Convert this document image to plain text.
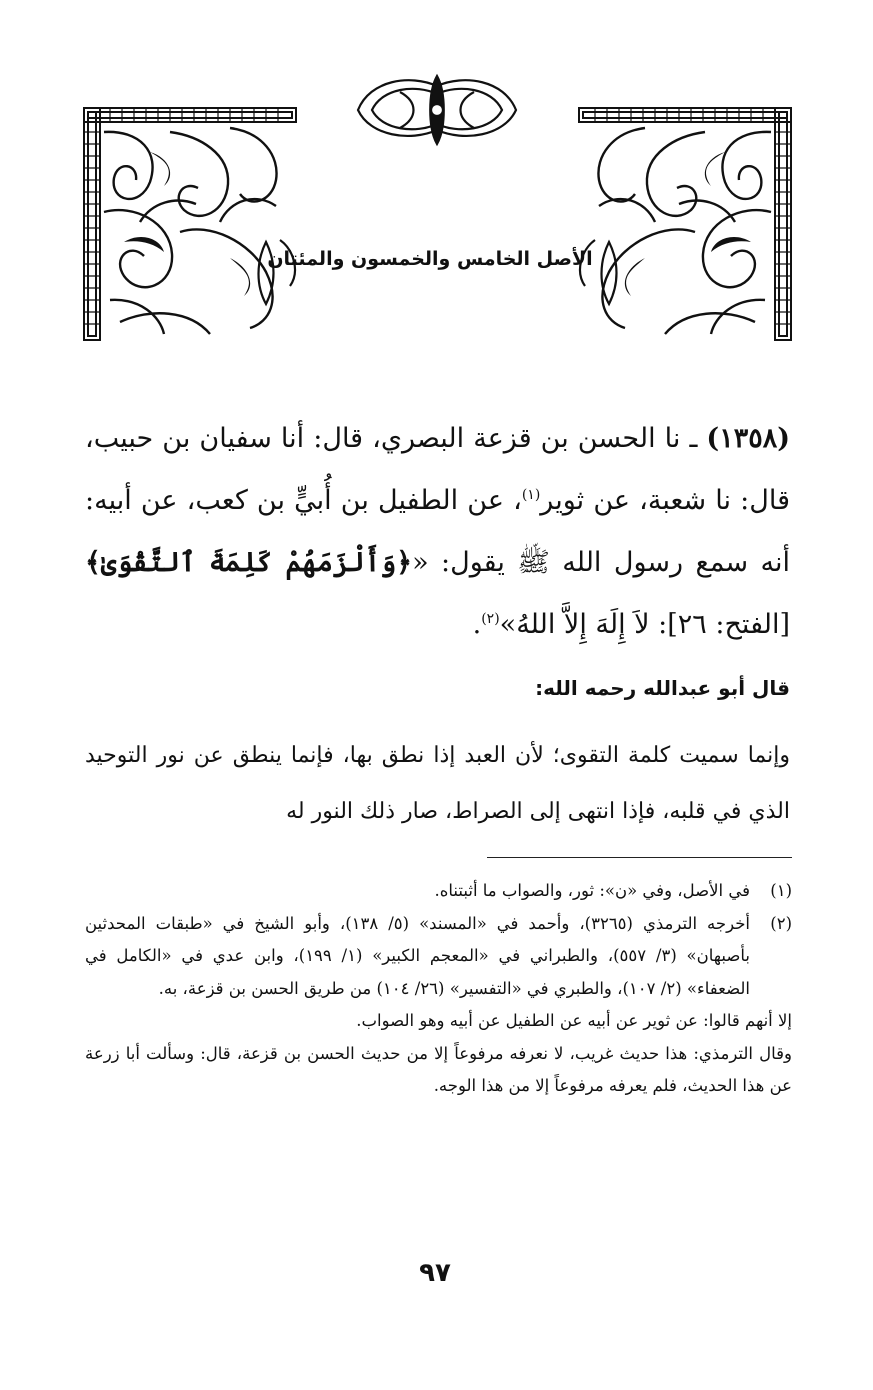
الأصل الخامس والخمسون والمئتان
(١٣٥٨) ـ نا الحسن بن قزعة البصري، قال: أنا سفيان بن حبيب، قال: نا شعبة، عن ثوير$^{(١)}$، عن الطفيل بن أُبيٍّ بن كعب، عن أبيه: أنه سمع رسول الله ﷺ يقول: «﴿وَأَلْزَمَهُمْ كَلِمَةَ ٱلتَّقْوَىٰ﴾[الفتح: ٢٦]: لاَ إِلَهَ إِلاَّ اللهُ»$^{(٢)}$.
قال أبو عبدالله رحمه الله:
وإنما سميت كلمة التقوى؛ لأن العبد إذا نطق بها، فإنما ينطق عن نور التوحيد الذي في قلبه، فإذا انتهى إلى الصراط، صار ذلك النور له
(١)
في الأصل، وفي «ن»: ثور، والصواب ما أثبتناه.
(٢)
أخرجه الترمذي (٣٢٦٥)، وأحمد في «المسند» (٥/ ١٣٨)، وأبو الشيخ في «طبقات المحدثين بأصبهان» (٣/ ٥٥٧)، والطبراني في «المعجم الكبير» (١/ ١٩٩)، وابن عدي في «الكامل في الضعفاء» (٢/ ١٠٧)، والطبري في «التفسير» (٢٦/ ١٠٤) من طريق الحسن بن قزعة، به.
إلا أنهم قالوا: عن ثوير عن أبيه عن الطفيل عن أبيه وهو الصواب.
وقال الترمذي: هذا حديث غريب، لا نعرفه مرفوعاً إلا من حديث الحسن بن قزعة، قال: وسألت أبا زرعة عن هذا الحديث، فلم يعرفه مرفوعاً إلا من هذا الوجه.
٩٧
